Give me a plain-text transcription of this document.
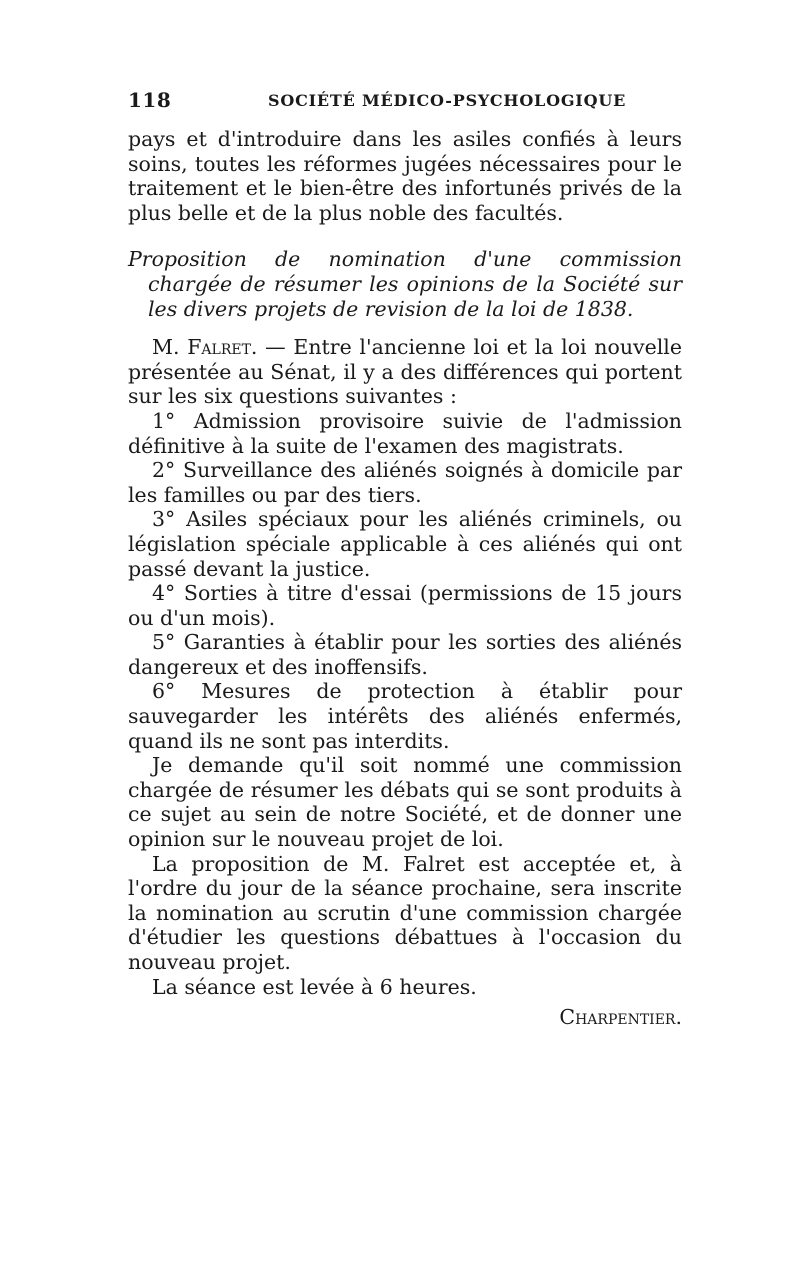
118	SOCIÉTÉ MÉDICO-PSYCHOLOGIQUE

pays et d'introduire dans les asiles confiés à leurs soins, toutes les réformes jugées nécessaires pour le traitement et le bien-être des infortunés privés de la plus belle et de la plus noble des facultés.

Proposition de nomination d'une commission chargée de résumer les opinions de la Société sur les divers projets de revision de la loi de 1838.

M. Falret. — Entre l'ancienne loi et la loi nouvelle présentée au Sénat, il y a des différences qui portent sur les six questions suivantes :

1° Admission provisoire suivie de l'admission définitive à la suite de l'examen des magistrats.

2° Surveillance des aliénés soignés à domicile par les familles ou par des tiers.

3° Asiles spéciaux pour les aliénés criminels, ou législation spéciale applicable à ces aliénés qui ont passé devant la justice.

4° Sorties à titre d'essai (permissions de 15 jours ou d'un mois).

5° Garanties à établir pour les sorties des aliénés dangereux et des inoffensifs.

6° Mesures de protection à établir pour sauvegarder les intérêts des aliénés enfermés, quand ils ne sont pas interdits.

Je demande qu'il soit nommé une commission chargée de résumer les débats qui se sont produits à ce sujet au sein de notre Société, et de donner une opinion sur le nouveau projet de loi.

La proposition de M. Falret est acceptée et, à l'ordre du jour de la séance prochaine, sera inscrite la nomination au scrutin d'une commission chargée d'étudier les questions débattues à l'occasion du nouveau projet.

La séance est levée à 6 heures.

Charpentier.
